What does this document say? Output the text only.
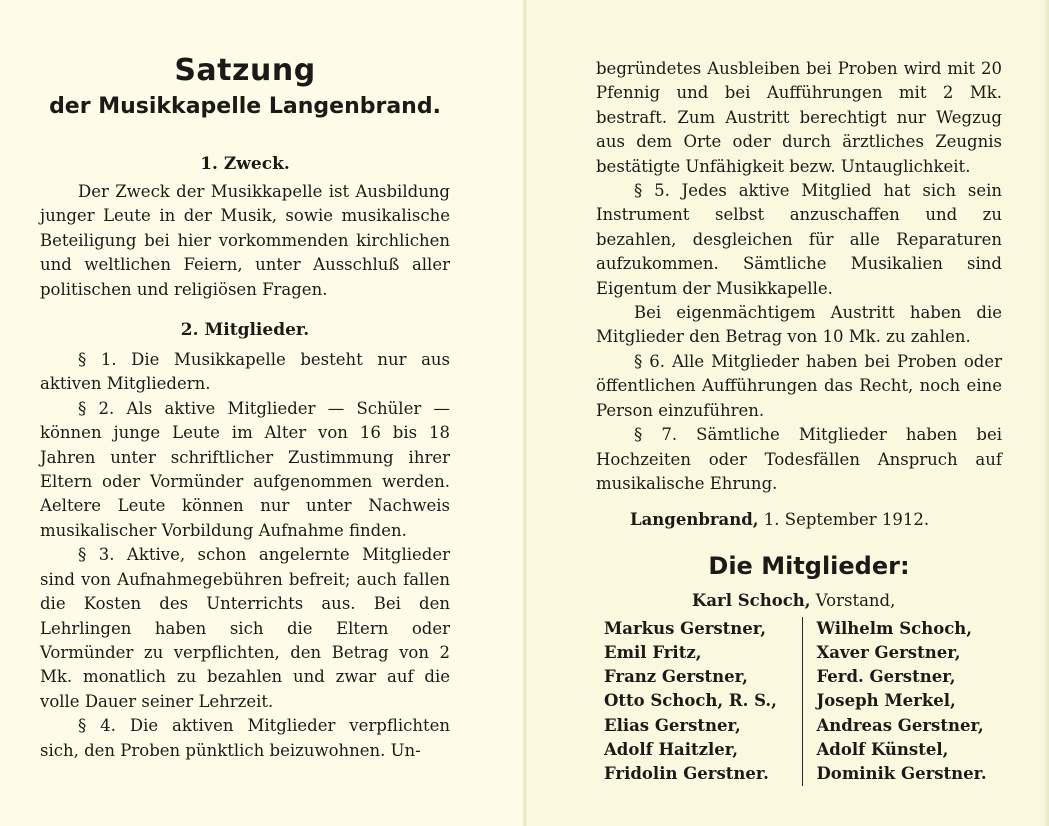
Satzung
der Musikkapelle Langenbrand.
1. Zweck.

Der Zweck der Musikkapelle ist Ausbildung junger Leute in der Musik, sowie musikalische Beteiligung bei hier vorkommenden kirchlichen und weltlichen Feiern, unter Ausschluß aller politischen und religiösen Fragen.

2. Mitglieder.

§ 1. Die Musikkapelle besteht nur aus aktiven Mitgliedern.

§ 2. Als aktive Mitglieder — Schüler — können junge Leute im Alter von 16 bis 18 Jahren unter schriftlicher Zustimmung ihrer Eltern oder Vormünder aufgenommen werden. Aeltere Leute können nur unter Nachweis musikalischer Vorbildung Aufnahme finden.

§ 3. Aktive, schon angelernte Mitglieder sind von Aufnahmegebühren befreit; auch fallen die Kosten des Unterrichts aus. Bei den Lehrlingen haben sich die Eltern oder Vormünder zu verpflichten, den Betrag von 2 Mk. monatlich zu bezahlen und zwar auf die volle Dauer seiner Lehrzeit.

§ 4. Die aktiven Mitglieder verpflichten sich, den Proben pünktlich beizuwohnen. Un-

begründetes Ausbleiben bei Proben wird mit 20 Pfennig und bei Aufführungen mit 2 Mk. bestraft. Zum Austritt berechtigt nur Wegzug aus dem Orte oder durch ärztliches Zeugnis bestätigte Unfähigkeit bezw. Untauglichkeit.

§ 5. Jedes aktive Mitglied hat sich sein Instrument selbst anzuschaffen und zu bezahlen, desgleichen für alle Reparaturen aufzukommen. Sämtliche Musikalien sind Eigentum der Musikkapelle.

Bei eigenmächtigem Austritt haben die Mitglieder den Betrag von 10 Mk. zu zahlen.

§ 6. Alle Mitglieder haben bei Proben oder öffentlichen Aufführungen das Recht, noch eine Person einzuführen.

§ 7. Sämtliche Mitglieder haben bei Hochzeiten oder Todesfällen Anspruch auf musikalische Ehrung.

Langenbrand, 1. September 1912.
Die Mitglieder:
Karl Schoch, Vorstand,
Markus Gerstner,
Emil Fritz,
Franz Gerstner,
Otto Schoch, R. S.,
Elias Gerstner,
Adolf Haitzler,
Fridolin Gerstner.
Wilhelm Schoch,
Xaver Gerstner,
Ferd. Gerstner,
Joseph Merkel,
Andreas Gerstner,
Adolf Künstel,
Dominik Gerstner.
